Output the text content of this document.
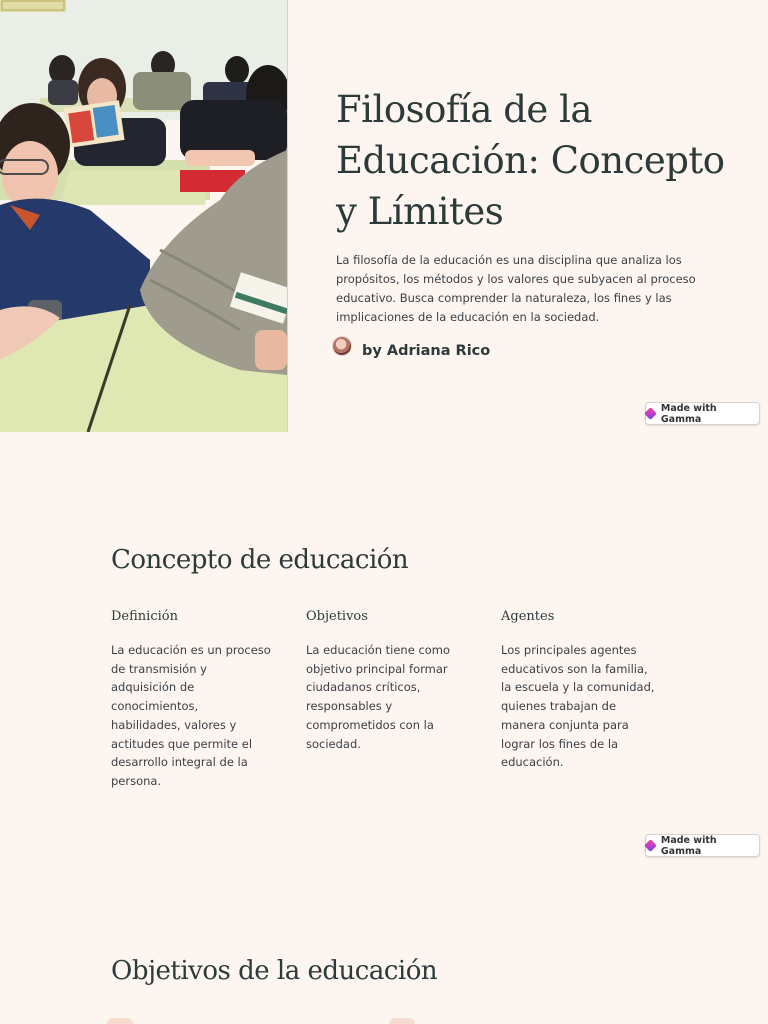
Filosofía de la Educación: Concepto y Límites

La filosofía de la educación es una disciplina que analiza los propósitos, los métodos y los valores que subyacen al proceso educativo. Busca comprender la naturaleza, los fines y las implicaciones de la educación en la sociedad.

by Adriana Rico
Made with Gamma
Concepto de educación
Definición

La educación es un proceso de transmisión y adquisición de conocimientos, habilidades, valores y actitudes que permite el desarrollo integral de la persona.

Objetivos

La educación tiene como objetivo principal formar ciudadanos críticos, responsables y comprometidos con la sociedad.

Agentes

Los principales agentes educativos son la familia, la escuela y la comunidad, quienes trabajan de manera conjunta para lograr los fines de la educación.

Made with Gamma
Objetivos de la educación
